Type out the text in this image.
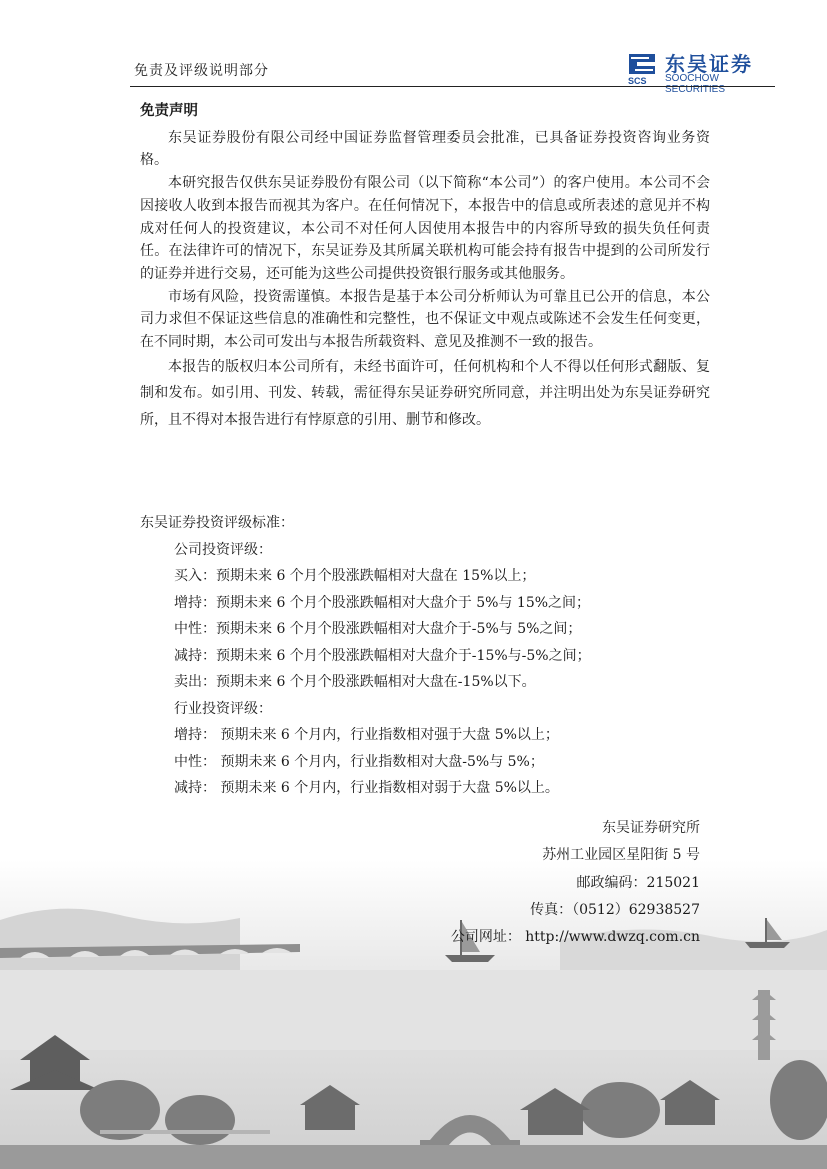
免责及评级说明部分
SCS
东吴证券
SOOCHOW SECURITIES
免责声明

东吴证券股份有限公司经中国证券监督管理委员会批准，已具备证券投资咨询业务资格。

本研究报告仅供东吴证券股份有限公司（以下简称“本公司”）的客户使用。本公司不会因接收人收到本报告而视其为客户。在任何情况下，本报告中的信息或所表述的意见并不构成对任何人的投资建议，本公司不对任何人因使用本报告中的内容所导致的损失负任何责任。在法律许可的情况下，东吴证券及其所属关联机构可能会持有报告中提到的公司所发行的证券并进行交易，还可能为这些公司提供投资银行服务或其他服务。

市场有风险，投资需谨慎。本报告是基于本公司分析师认为可靠且已公开的信息，本公司力求但不保证这些信息的准确性和完整性，也不保证文中观点或陈述不会发生任何变更，在不同时期，本公司可发出与本报告所载资料、意见及推测不一致的报告。

本报告的版权归本公司所有，未经书面许可，任何机构和个人不得以任何形式翻版、复制和发布。如引用、刊发、转载，需征得东吴证券研究所同意，并注明出处为东吴证券研究所，且不得对本报告进行有悖原意的引用、删节和修改。

东吴证券投资评级标准：
公司投资评级：
买入：预期未来 6 个月个股涨跌幅相对大盘在 15%以上；
增持：预期未来 6 个月个股涨跌幅相对大盘介于 5%与 15%之间；
中性：预期未来 6 个月个股涨跌幅相对大盘介于-5%与 5%之间；
减持：预期未来 6 个月个股涨跌幅相对大盘介于-15%与-5%之间；
卖出：预期未来 6 个月个股涨跌幅相对大盘在-15%以下。
行业投资评级：
增持： 预期未来 6 个月内，行业指数相对强于大盘 5%以上；
中性： 预期未来 6 个月内，行业指数相对大盘-5%与 5%；
减持： 预期未来 6 个月内，行业指数相对弱于大盘 5%以上。
东吴证券研究所
苏州工业园区星阳街 5 号
邮政编码：215021
传真：（0512）62938527
公司网址： http://www.dwzq.com.cn
